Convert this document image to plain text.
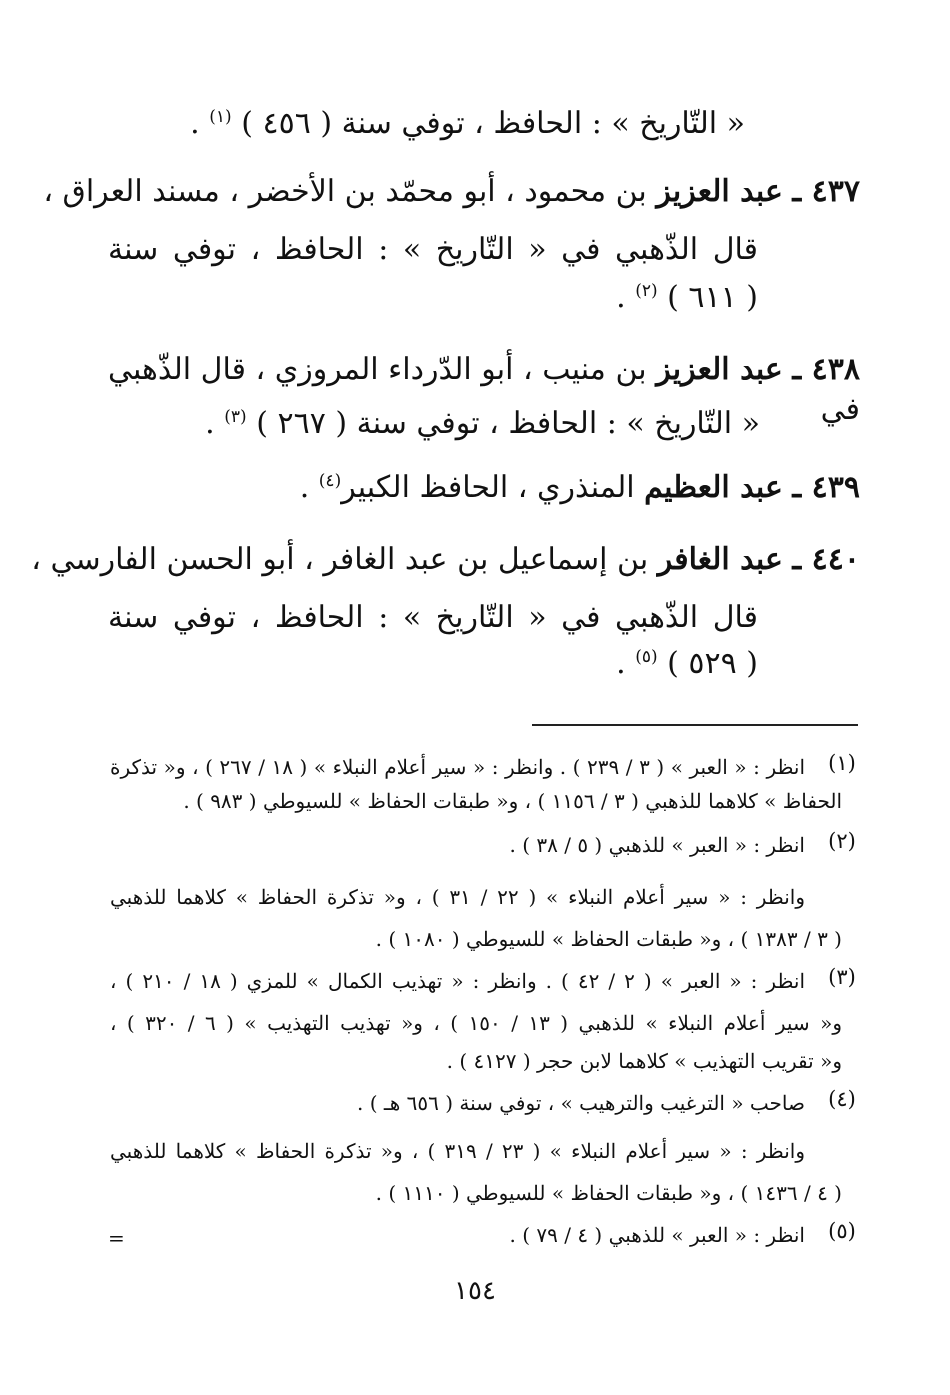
« التّاريخ » : الحافظ ، توفي سنة ( ٤٥٦ ) $^{(١)}$ .
٤٣٧ ـ عبد العزيز بن محمود ، أبو محمّد بن الأخضر ، مسند العراق ،
قال الذّهبي في « التّاريخ » : الحافظ ، توفي سنة
( ٦١١ ) $^{(٢)}$ .
٤٣٨ ـ عبد العزيز بن منيب ، أبو الدّرداء المروزي ، قال الذّهبي في
« التّاريخ » : الحافظ ، توفي سنة ( ٢٦٧ ) $^{(٣)}$ .
٤٣٩ ـ عبد العظيم المنذري ، الحافظ الكبير$^{(٤)}$ .
٤٤٠ ـ عبد الغافر بن إسماعيل بن عبد الغافر ، أبو الحسن الفارسي ،
قال الذّهبي في « التّاريخ » : الحافظ ، توفي سنة
( ٥٢٩ ) $^{(٥)}$ .
(١)
انظر : « العبر » ( ٣ / ٢٣٩ ) . وانظر : « سير أعلام النبلاء » ( ١٨ / ٢٦٧ ) ، و« تذكرة
الحفاظ » كلاهما للذهبي ( ٣ / ١١٥٦ ) ، و« طبقات الحفاظ » للسيوطي ( ٩٨٣ ) .
(٢)
انظر : « العبر » للذهبي ( ٥ / ٣٨ ) .
وانظر : « سير أعلام النبلاء » ( ٢٢ / ٣١ ) ، و« تذكرة الحفاظ » كلاهما للذهبي
( ٣ / ١٣٨٣ ) ، و« طبقات الحفاظ » للسيوطي ( ١٠٨٠ ) .
(٣)
انظر : « العبر » ( ٢ / ٤٢ ) . وانظر : « تهذيب الكمال » للمزي ( ١٨ / ٢١٠ ) ،
و« سير أعلام النبلاء » للذهبي ( ١٣ / ١٥٠ ) ، و« تهذيب التهذيب » ( ٦ / ٣٢٠ ) ،
و« تقريب التهذيب » كلاهما لابن حجر ( ٤١٢٧ ) .
(٤)
صاحب « الترغيب والترهيب » ، توفي سنة ( ٦٥٦ هـ ) .
وانظر : « سير أعلام النبلاء » ( ٢٣ / ٣١٩ ) ، و« تذكرة الحفاظ » كلاهما للذهبي
( ٤ / ١٤٣٦ ) ، و« طبقات الحفاظ » للسيوطي ( ١١١٠ ) .
(٥)
انظر : « العبر » للذهبي ( ٤ / ٧٩ ) .
=
١٥٤
